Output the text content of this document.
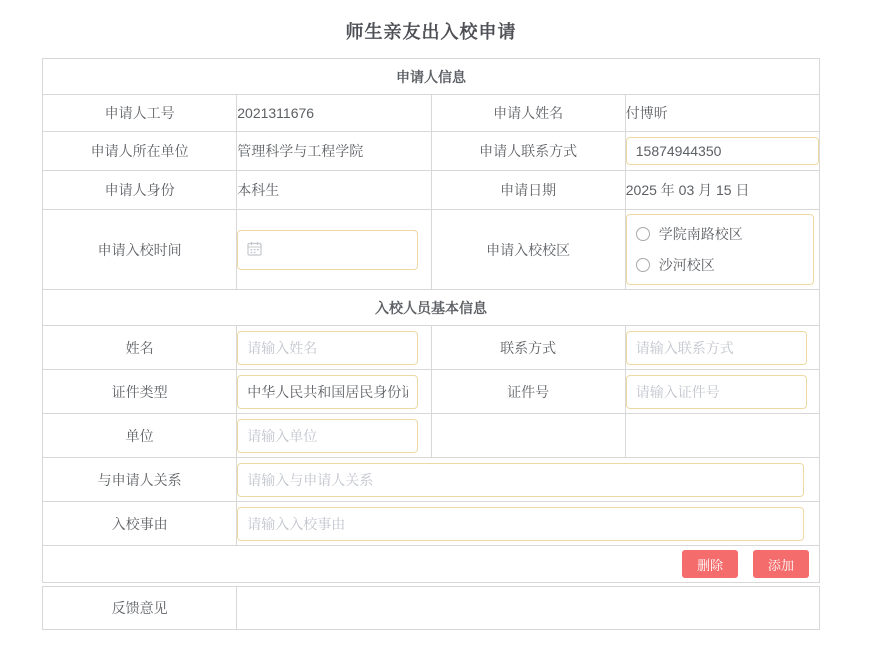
师生亲友出入校申请
申请人信息			
申请人工号	2021311676	申请人姓名	付博昕
申请人所在单位	管理科学与工程学院	申请人联系方式	15874944350
申请人身份	本科生	申请日期	2025 年 03 月 15 日
申请入校时间		申请入校校区	学院南路校区
沙河校区

入校人员基本信息			
姓名	请输入姓名	联系方式	请输入联系方式
证件类型	中华人民共和国居民身份证	证件号	请输入证件号
单位	请输入单位		
与申请人关系	请输入与申请人关系
入校事由	请输入入校事由
删除 添加			
反馈意见	
